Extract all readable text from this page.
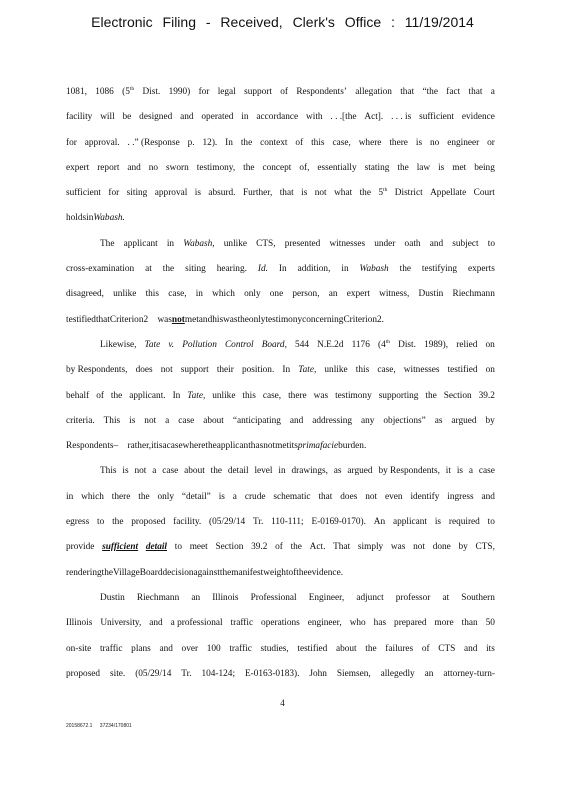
Electronic Filing - Received, Clerk's Office : 11/19/2014
1081, 1086 (5th Dist. 1990) for legal support of Respondents’ allegation that “the fact that a
facility will be designed and operated in accordance with . . .[the Act]. . . . is sufficient evidence
for approval. . .” (Response p. 12). In the context of this case, where there is no engineer or
expert report and no sworn testimony, the concept of, essentially stating the law is met being
sufficient for siting approval is absurd. Further, that is not what the 5th District Appellate Court
holds in Wabash.
The applicant in Wabash, unlike CTS, presented witnesses under oath and subject to
cross-examination at the siting hearing. Id. In addition, in Wabash the testifying experts
disagreed, unlike this case, in which only one person, an expert witness, Dustin Riechmann
testified that Criterion 2 was not met and his was the only testimony concerning Criterion 2.
Likewise, Tate v. Pollution Control Board, 544 N.E.2d 1176 (4th Dist. 1989), relied on
by Respondents, does not support their position. In Tate, unlike this case, witnesses testified on
behalf of the applicant. In Tate, unlike this case, there was testimony supporting the Section 39.2
criteria. This is not a case about “anticipating and addressing any objections” as argued by
Respondents – rather, it is a case where the applicant has not met its prima facie burden.
This is not a case about the detail level in drawings, as argued by Respondents, it is a case
in which there the only “detail” is a crude schematic that does not even identify ingress and
egress to the proposed facility. (05/29/14 Tr. 110-111; E-0169-0170). An applicant is required to
provide sufficient detail to meet Section 39.2 of the Act. That simply was not done by CTS,
rendering the Village Board decision against the manifest weight of the evidence.
Dustin Riechmann an Illinois Professional Engineer, adjunct professor at Southern
Illinois University, and a professional traffic operations engineer, who has prepared more than 50
on-site traffic plans and over 100 traffic studies, testified about the failures of CTS and its
proposed site. (05/29/14 Tr. 104-124; E-0163-0183). John Siemsen, allegedly an attorney-turn-
4
20158672.1 37234/170801
